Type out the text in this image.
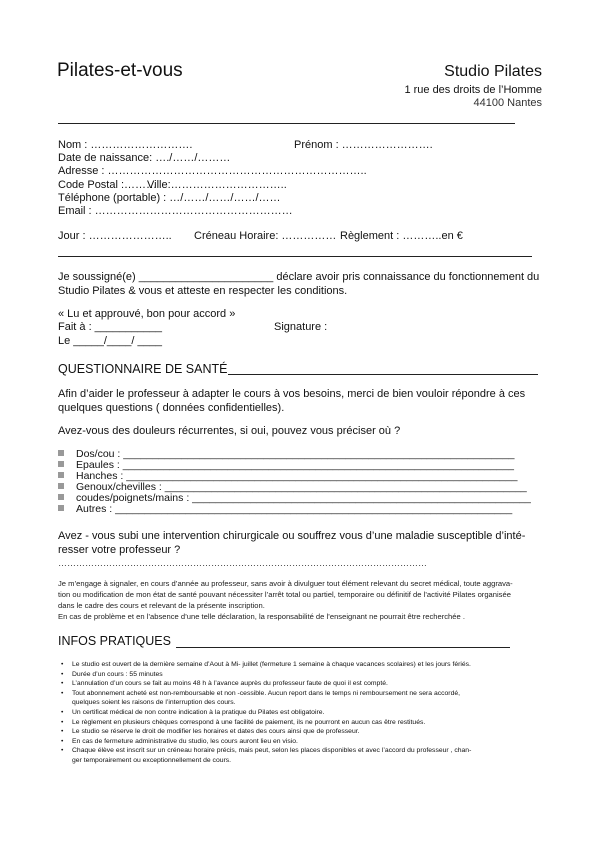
Pilates-et-vous	Studio Pilates
1 rue des droits de l’Homme
44100 Nantes
Nom : ……………………….	Prénom : …………………….
Date de naissance: …./……/………
Adresse : ……………………………………………………………..
Code Postal :………
Ville:…………………………..
Téléphone (portable) : …/……/……/……/……
Email : ………………………………………………
Jour : ………………….. Créneau Horaire: …………… Règlement : ………..en €
Je soussigné(e) ______________________ déclare avoir pris connaissance du fonctionnement du
Studio Pilates & vous et atteste en respecter les conditions.
« Lu et approuvé, bon pour accord »
Fait à : ___________	Signature :
Le _____/____/ ____
QUESTIONNAIRE DE SANTÉ
Afin d’aider le professeur à adapter le cours à vos besoins, merci de bien vouloir répondre à ces
quelques questions ( données confidentielles).
Avez-vous des douleurs récurrentes, si oui, pouvez vous préciser où ?
Dos/cou : ___________________________________________________________________
Epaules : ___________________________________________________________________
Hanches : ___________________________________________________________________
Genoux/chevilles : ______________________________________________________________
coudes/poignets/mains : __________________________________________________________
Autres : ____________________________________________________________________
Avez - vous subi une intervention chirurgicale ou souffrez vous d’une maladie susceptible d’inté-
resser votre professeur ?
……………………………………………………………………………………………………………
Je m’engage à signaler, en cours d’année au professeur, sans avoir à divulguer tout élément relevant du secret médical, toute aggrava-
tion ou modification de mon état de santé pouvant nécessiter l’arrêt total ou partiel, temporaire ou définitif de l’activité Pilates organisée
dans le cadre des cours et relevant de la présente inscription.
En cas de problème et en l’absence d’une telle déclaration, la responsabilité de l’enseignant ne pourrait être recherchée .
INFOS PRATIQUES
• Le studio est ouvert de la dernière semaine d’Aout à Mi- juillet (fermeture 1 semaine à chaque vacances scolaires) et les jours fériés.
• Durée d’un cours : 55 minutes
• L’annulation d’un cours se fait au moins 48 h à l’avance auprès du professeur faute de quoi il est compté.
• Tout abonnement acheté est non-remboursable et non -cessible. Aucun report dans le temps ni remboursement ne sera accordé,
quelques soient les raisons de l’interruption des cours.
• Un certificat médical de non contre indication à la pratique du Pilates est obligatoire.
• Le règlement en plusieurs chèques correspond à une facilité de paiement, ils ne pourront en aucun cas être restitués.
• Le studio se réserve le droit de modifier les horaires et dates des cours ainsi que de professeur.
• En cas de fermeture administrative du studio, les cours auront lieu en visio.
• Chaque élève est inscrit sur un créneau horaire précis, mais peut, selon les places disponibles et avec l’accord du professeur , chan-
ger temporairement ou exceptionnellement de cours.
